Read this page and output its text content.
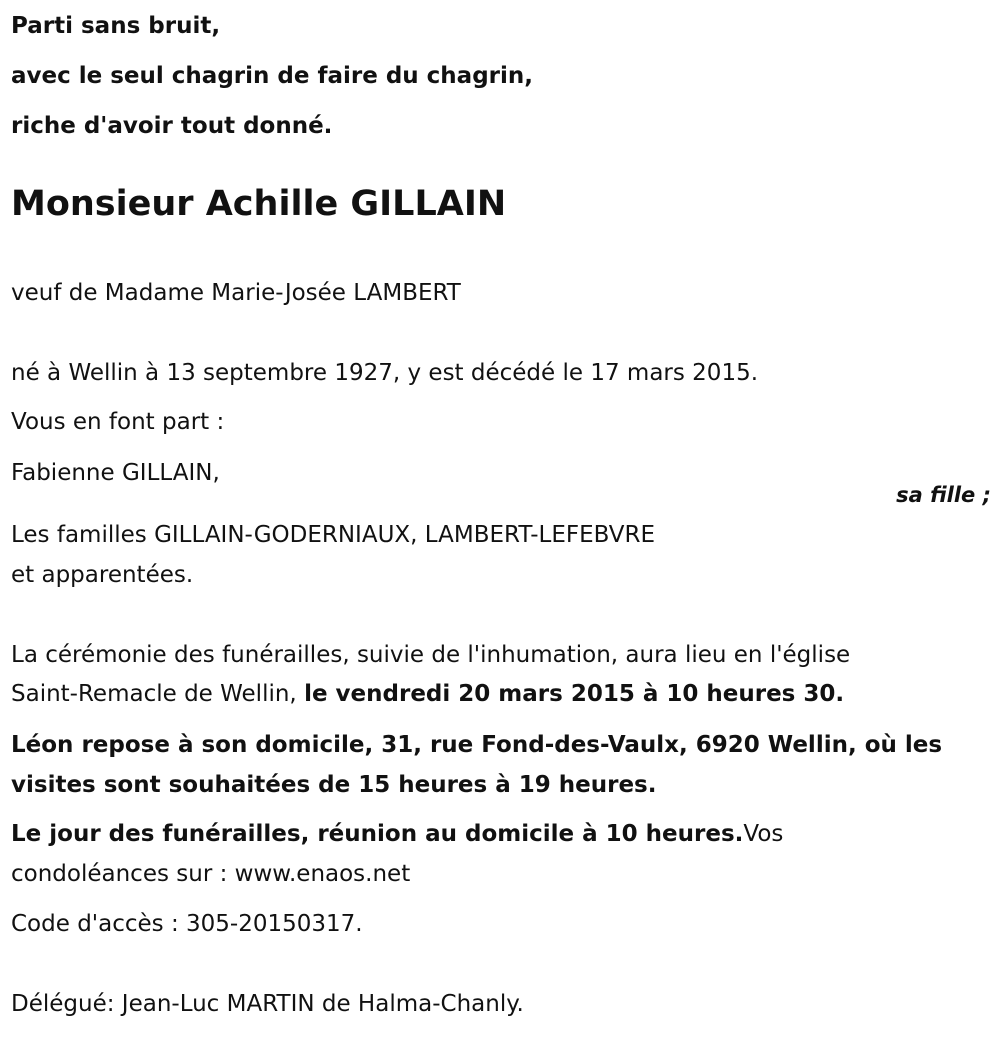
Parti sans bruit,
avec le seul chagrin de faire du chagrin,
riche d'avoir tout donné.
Monsieur Achille GILLAIN
veuf de Madame Marie-Josée LAMBERT
né à Wellin à 13 septembre 1927, y est décédé le 17 mars 2015.
Vous en font part :
Fabienne GILLAIN,
sa fille ;
Les familles GILLAIN-GODERNIAUX, LAMBERT-LEFEBVRE
et apparentées.
La cérémonie des funérailles, suivie de l'inhumation, aura lieu en l'église
Saint-Remacle de Wellin, le vendredi 20 mars 2015 à 10 heures 30.
Léon repose à son domicile, 31, rue Fond-des-Vaulx, 6920 Wellin, où les
visites sont souhaitées de 15 heures à 19 heures.
Le jour des funérailles, réunion au domicile à 10 heures.Vos
condoléances sur : www.enaos.net
Code d'accès : 305-20150317.
Délégué: Jean-Luc MARTIN de Halma-Chanly.
